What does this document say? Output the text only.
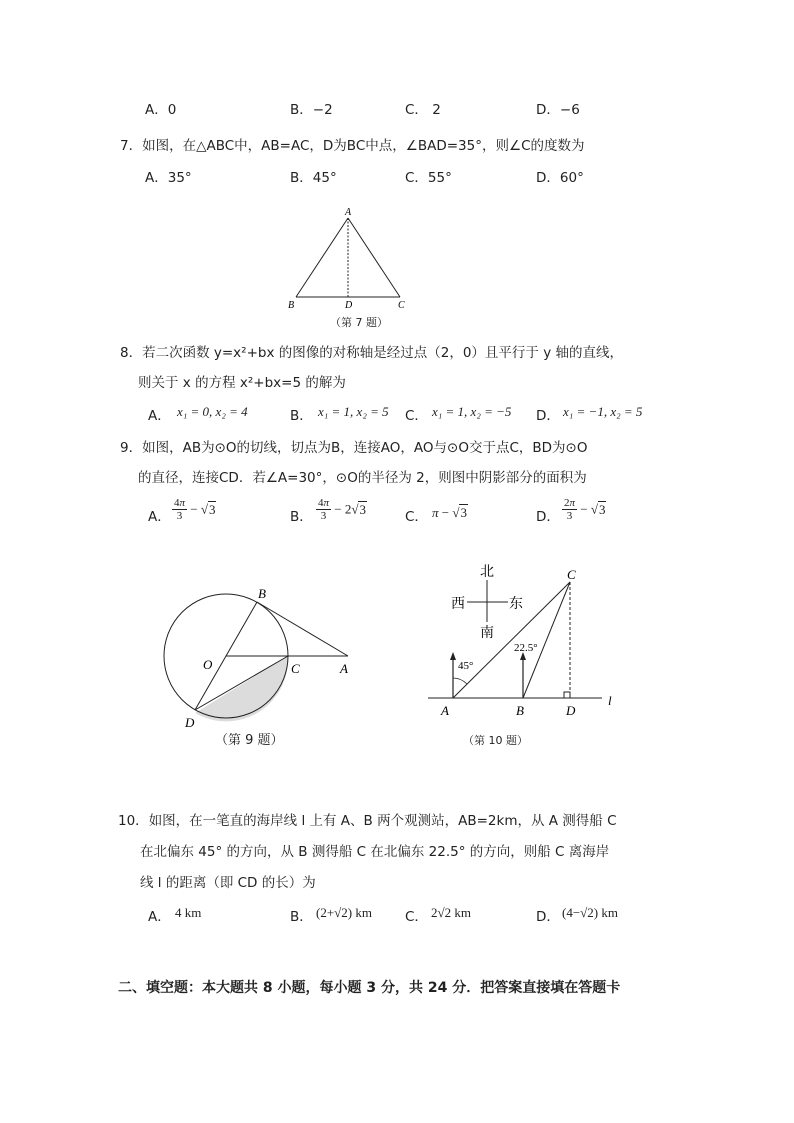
A．0	B．−2	C． 2	D．−6
7．如图，在△ABC中，AB=AC，D为BC中点，∠BAD=35°，则∠C的度数为
A．35°	B．45°	C．55°	D．60°
A
B	D	C
（第 7 题）
8．若二次函数 y=x²+bx 的图像的对称轴是经过点（2，0）且平行于 y 轴的直线，
则关于 x 的方程 x²+bx=5 的解为
A． x₁ = 0, x₂ = 4	B． x₁ = 1, x₂ = 5 C． x₁ = 1, x₂ = −5 D． x₁ = −1, x₂ = 5
9．如图，AB为⊙O的切线，切点为B，连接AO，AO与⊙O交于点C，BD为⊙O
的直径，连接CD．若∠A=30°，⊙O的半径为 2，则图中阴影部分的面积为
A． $\frac{4\pi}{3} - √3$	B． $\frac{4\pi}{3} - 2√3$	C． π − √3	D． $\frac{2\pi}{3} - √3$
B
O	C	A
D
（第 9 题）
北
西	东
南
45°
22.5°
C
A	B	D
l
（第 10 题）
10．如图，在一笔直的海岸线 l 上有 A、B 两个观测站，AB=2km，从 A 测得船 C
在北偏东 45° 的方向，从 B 测得船 C 在北偏东 22.5° 的方向，则船 C 离海岸
线 l 的距离（即 CD 的长）为
A． 4 km	B． (2+√2) km C． 2√2 km	D． (4−√2) km
二、填空题：本大题共 8 小题，每小题 3 分，共 24 分．把答案直接填在答题卡
